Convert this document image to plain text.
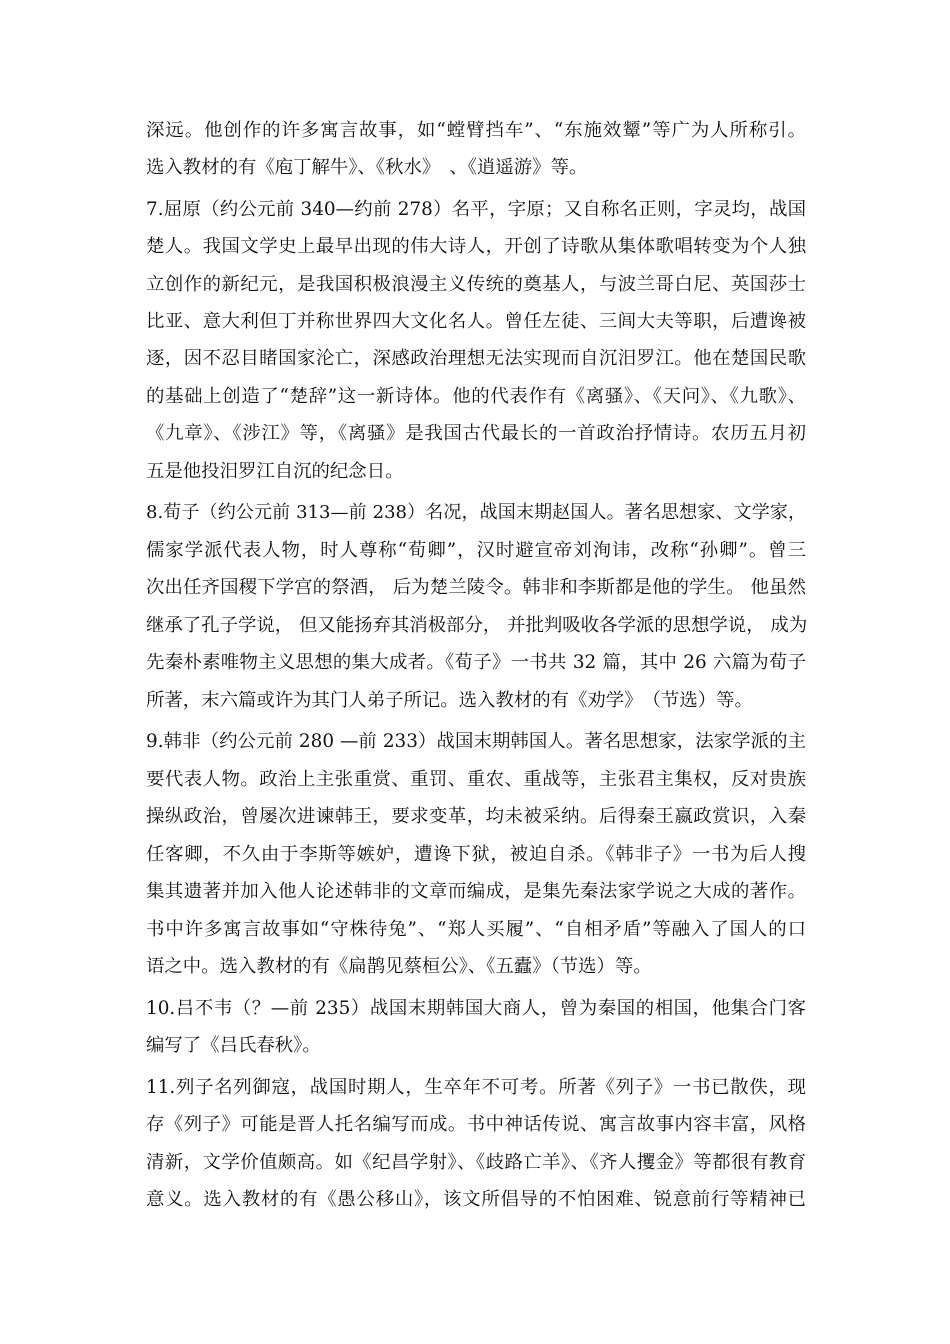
深远。他创作的许多寓言故事，如“螳臂挡车”、“东施效颦”等广为人所称引。
选入教材的有《庖丁解牛》、《秋水》　、《逍遥游》等。
7.屈原（约公元前 340—约前 278）名平，字原；又自称名正则，字灵均，战国
楚人。我国文学史上最早出现的伟大诗人，开创了诗歌从集体歌唱转变为个人独
立创作的新纪元，是我国积极浪漫主义传统的奠基人，与波兰哥白尼、英国莎士
比亚、意大利但丁并称世界四大文化名人。曾任左徒、三闾大夫等职，后遭谗被
逐，因不忍目睹国家沦亡，深感政治理想无法实现而自沉汨罗江。他在楚国民歌
的基础上创造了“楚辞”这一新诗体。他的代表作有《离骚》、《天问》、《九歌》、
《九章》、《涉江》等，《离骚》是我国古代最长的一首政治抒情诗。农历五月初
五是他投汨罗江自沉的纪念日。
8.荀子（约公元前 313—前 238）名况，战国末期赵国人。著名思想家、文学家，
儒家学派代表人物，时人尊称“荀卿”，汉时避宣帝刘洵讳，改称“孙卿”。曾三
次出任齐国稷下学宫的祭酒， 后为楚兰陵令。韩非和李斯都是他的学生。 他虽然
继承了孔子学说， 但又能扬弃其消极部分， 并批判吸收各学派的思想学说， 成为
先秦朴素唯物主义思想的集大成者。《荀子》一书共 32 篇，其中 26 六篇为荀子
所著，末六篇或许为其门人弟子所记。选入教材的有《劝学》　（节选）等。
9.韩非（约公元前 280 —前 233）战国末期韩国人。著名思想家，法家学派的主
要代表人物。政治上主张重赏、重罚、重农、重战等，主张君主集权，反对贵族
操纵政治，曾屡次进谏韩王，要求变革，均未被采纳。后得秦王嬴政赏识，入秦
任客卿，不久由于李斯等嫉妒，遭谗下狱，被迫自杀。《韩非子》一书为后人搜
集其遗著并加入他人论述韩非的文章而编成，是集先秦法家学说之大成的著作。
书中许多寓言故事如“守株待兔”、“郑人买履”、“自相矛盾”等融入了国人的口
语之中。选入教材的有《扁鹊见蔡桓公》、《五蠹》（节选）等。
10.吕不韦（？—前 235）战国末期韩国大商人，曾为秦国的相国，他集合门客
编写了《吕氏春秋》。
11.列子名列御寇，战国时期人，生卒年不可考。所著《列子》一书已散佚，现
存《列子》可能是晋人托名编写而成。书中神话传说、寓言故事内容丰富，风格
清新，文学价值颇高。如《纪昌学射》、《歧路亡羊》、《齐人攫金》等都很有教育
意义。选入教材的有《愚公移山》，该文所倡导的不怕困难、锐意前行等精神已
